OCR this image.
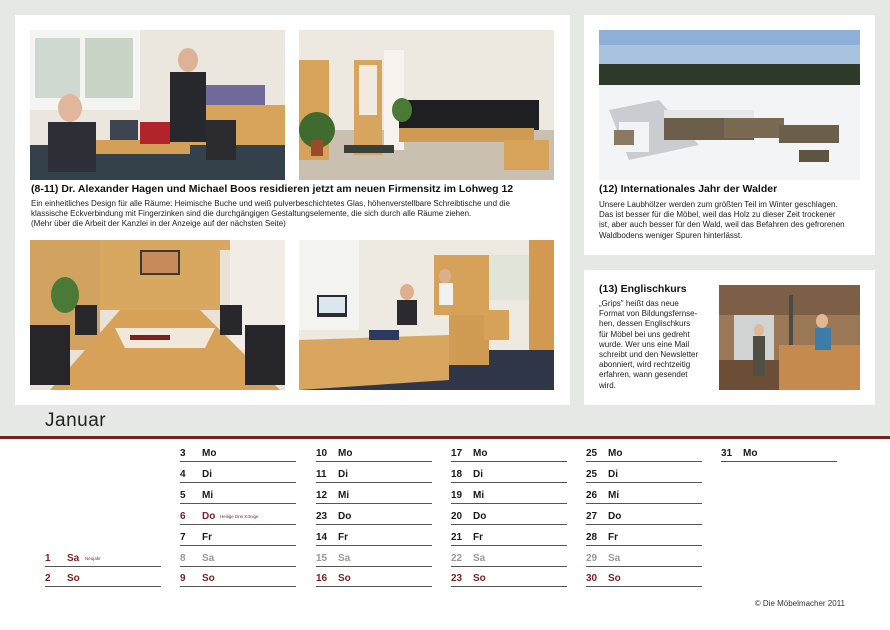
(8-11) Dr. Alexander Hagen und Michael Boos residieren jetzt am neuen Firmensitz im Lohweg 12

Ein einheitliches Design für alle Räume: Heimische Buche und weiß pulverbeschichtetes Glas, höhenverstellbare Schreibtische und die

klassische Eckverbindung mit Fingerzinken sind die durchgängigen Gestaltungselemente, die sich durch alle Räume ziehen.

(Mehr über die Arbeit der Kanzlei in der Anzeige auf der nächsten Seite)

(12) Internationales Jahr der Walder

Unsere Laubhölzer werden zum größten Teil im Winter geschlagen.

Das ist besser für die Möbel, weil das Holz zu dieser Zeit trockener

ist, aber auch besser für den Wald, weil das Befahren des gefrorenen

Waldbodens weniger Spuren hinterlässt.

(13) Englischkurs

„Grips" heißt das neue

Format von Bildungsfernse-

hen, dessen Englischkurs

für Möbel bei uns gedreht

wurde. Wer uns eine Mail

schreibt und den Newsletter

abonniert, wird rechtzeitig

erfahren, wann gesendet

wird.

Januar
1 Sa Neujahr
2 So
3 Mo
4 Di
5 Mi
6 Do Heilige Drei Könige
7 Fr
8 Sa
9 So
10 Mo
11 Di
12 Mi
23 Do
14 Fr
15 Sa
16 So
17 Mo
18 Di
19 Mi
20 Do
21 Fr
22 Sa
23 So
25 Mo
25 Di
26 Mi
27 Do
28 Fr
29 Sa
30 So
31 Mo
© Die Möbelmacher 2011
